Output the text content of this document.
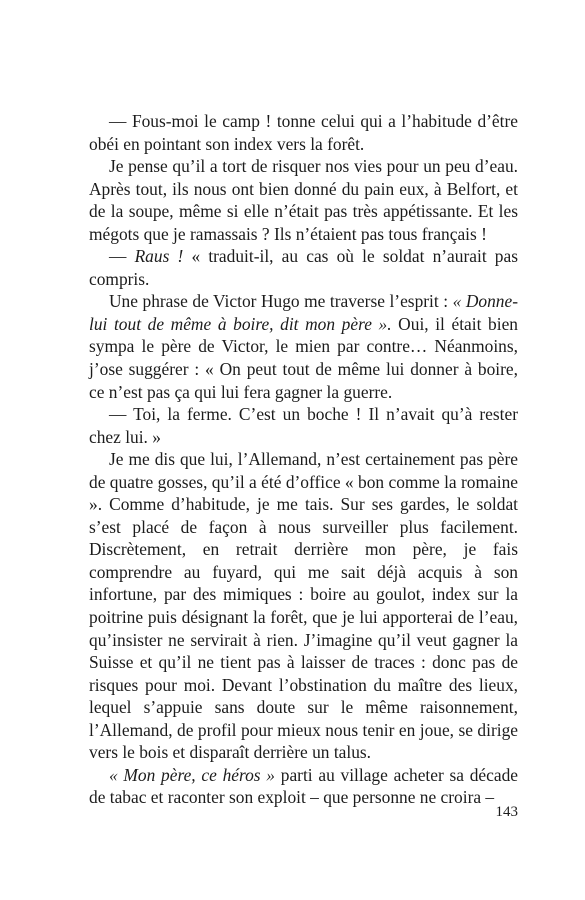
— Fous-moi le camp ! tonne celui qui a l’habitude d’être obéi en pointant son index vers la forêt.

Je pense qu’il a tort de risquer nos vies pour un peu d’eau. Après tout, ils nous ont bien donné du pain eux, à Belfort, et de la soupe, même si elle n’était pas très appétissante. Et les mégots que je ramassais ? Ils n’étaient pas tous français !

— Raus ! « traduit-il, au cas où le soldat n’aurait pas compris.

Une phrase de Victor Hugo me traverse l’esprit : « Donne-lui tout de même à boire, dit mon père ». Oui, il était bien sympa le père de Victor, le mien par contre… Néanmoins, j’ose suggérer : « On peut tout de même lui donner à boire, ce n’est pas ça qui lui fera gagner la guerre.

— Toi, la ferme. C’est un boche ! Il n’avait qu’à rester chez lui. »

Je me dis que lui, l’Allemand, n’est certainement pas père de quatre gosses, qu’il a été d’office « bon comme la romaine ». Comme d’habitude, je me tais. Sur ses gardes, le soldat s’est placé de façon à nous surveiller plus facilement. Discrètement, en retrait derrière mon père, je fais comprendre au fuyard, qui me sait déjà acquis à son infortune, par des mimiques : boire au goulot, index sur la poitrine puis désignant la forêt, que je lui apporterai de l’eau, qu’insister ne servirait à rien. J’imagine qu’il veut gagner la Suisse et qu’il ne tient pas à laisser de traces : donc pas de risques pour moi. Devant l’obstination du maître des lieux, lequel s’appuie sans doute sur le même raisonnement, l’Allemand, de profil pour mieux nous tenir en joue, se dirige vers le bois et disparaît derrière un talus.

« Mon père, ce héros » parti au village acheter sa décade de tabac et raconter son exploit – que personne ne croira –

143
